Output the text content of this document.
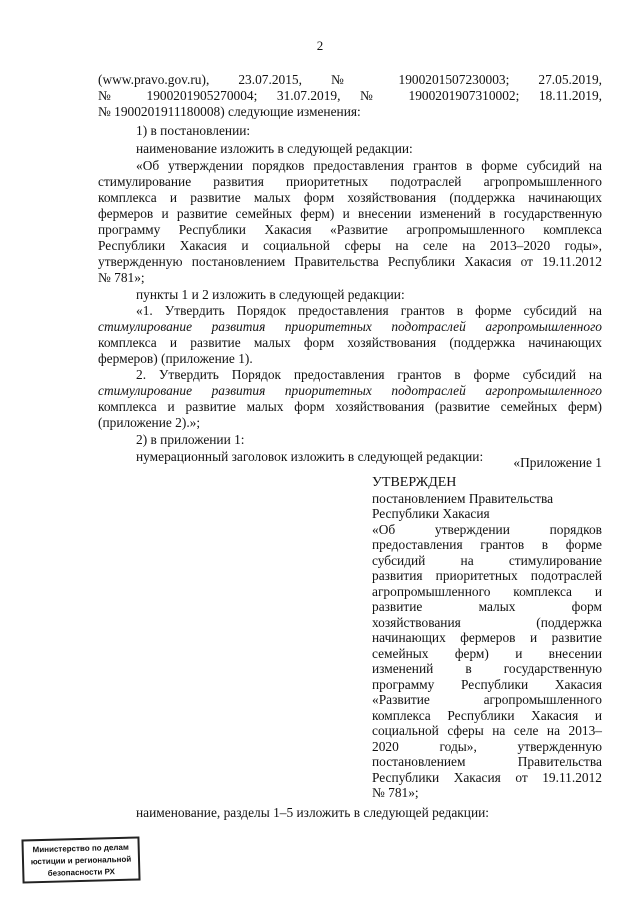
2
(www.pravo.gov.ru), 23.07.2015, № 1900201507230003; 27.05.2019,
№ 1900201905270004; 31.07.2019, № 1900201907310002; 18.11.2019,
№ 1900201911180008) следующие изменения:
1) в постановлении:
наименование изложить в следующей редакции:
«Об утверждении порядков предоставления грантов в форме субсидий на
стимулирование развития приоритетных подотраслей агропромышленного
комплекса и развитие малых форм хозяйствования (поддержка начинающих
фермеров и развитие семейных ферм) и внесении изменений в государственную
программу Республики Хакасия «Развитие агропромышленного комплекса
Республики Хакасия и социальной сферы на селе на 2013–2020 годы»,
утвержденную постановлением Правительства Республики Хакасия от 19.11.2012
№ 781»;
пункты 1 и 2 изложить в следующей редакции:
«1. Утвердить Порядок предоставления грантов в форме субсидий на
стимулирование развития приоритетных подотраслей агропромышленного
комплекса и развитие малых форм хозяйствования (поддержка начинающих
фермеров) (приложение 1).
2. Утвердить Порядок предоставления грантов в форме субсидий на
стимулирование развития приоритетных подотраслей агропромышленного
комплекса и развитие малых форм хозяйствования (развитие семейных ферм)
(приложение 2).»;
2) в приложении 1:
нумерационный заголовок изложить в следующей редакции:	«Приложение 1
УТВЕРЖДЕН
постановлением Правительства
Республики Хакасия
«Об утверждении порядков
предоставления грантов в форме
субсидий на стимулирование
развития приоритетных подотраслей
агропромышленного комплекса и
развитие малых форм
хозяйствования (поддержка
начинающих фермеров и развитие
семейных ферм) и внесении
изменений в государственную
программу Республики Хакасия
«Развитие агропромышленного
комплекса Республики Хакасия и
социальной сферы на селе на 2013–
2020 годы», утвержденную
постановлением Правительства
Республики Хакасия от 19.11.2012
№ 781»;
наименование, разделы 1–5 изложить в следующей редакции:
Министерство по делам
юстиции и региональной
безопасности РХ
